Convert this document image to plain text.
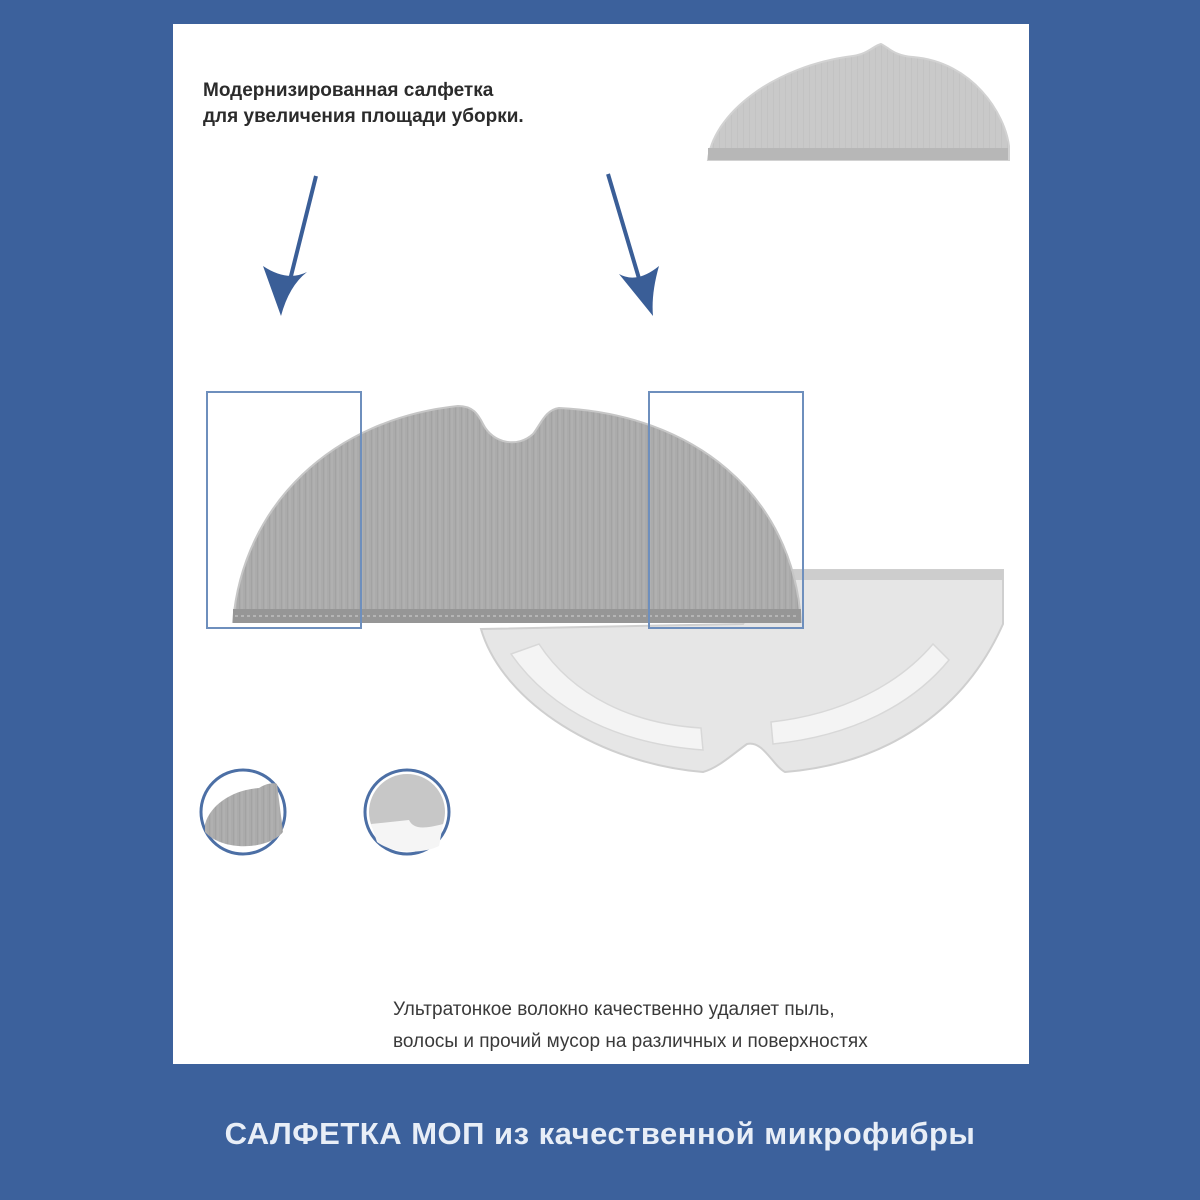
Модернизированная салфетка
для увеличения площади уборки.

Ультратонкое волокно качественно удаляет пыль,
волосы и прочий мусор на различных и поверхностях

САЛФЕТКА МОП из качественной микрофибры
